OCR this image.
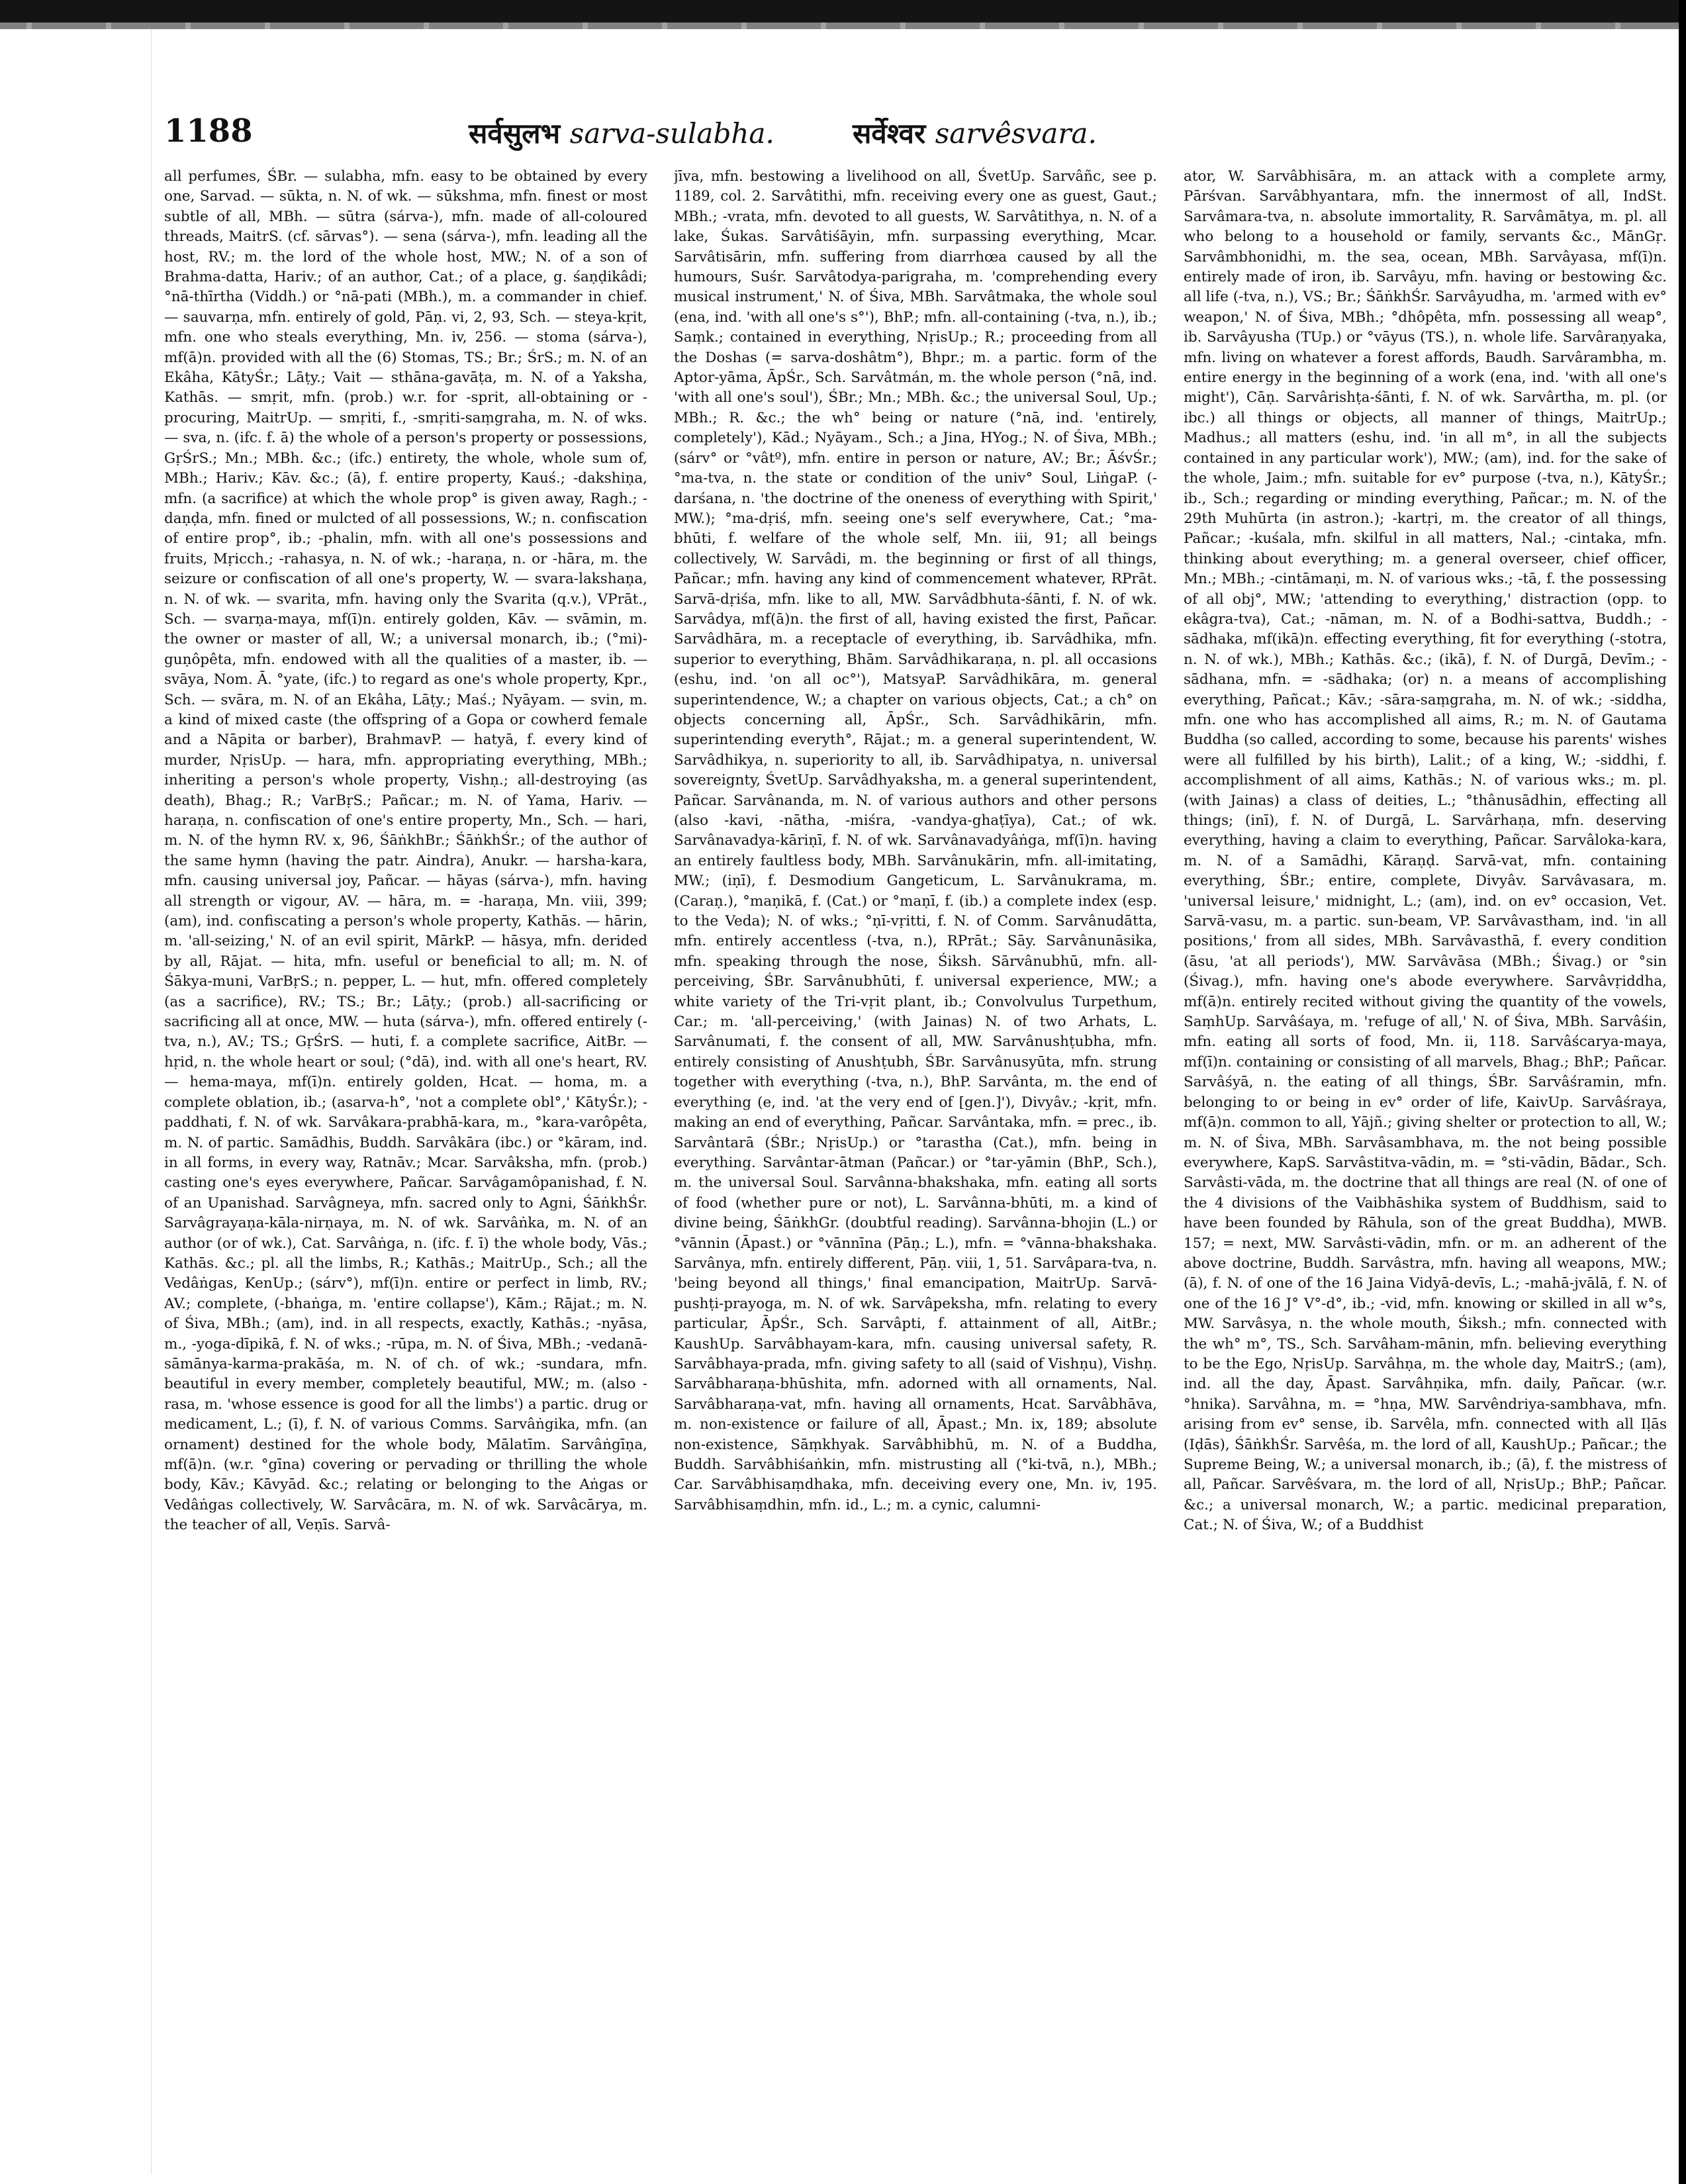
1188	सर्वसुलभ sarva-sulabha.	सर्वेश्वर sarvêsvara.

all perfumes, ŚBr. — sulabha, mfn. easy to be obtained by every one, Sarvad. — sūkta, n. N. of wk. — sūkshma, mfn. finest or most subtle of all, MBh. — sūtra (sárva-), mfn. made of all-coloured threads, MaitrS. (cf. sārvas°). — sena (sárva-), mfn. leading all the host, RV.; m. the lord of the whole host, MW.; N. of a son of Brahma-datta, Hariv.; of an author, Cat.; of a place, g. śaṇḍikâdi; °nā-thīrtha (Viddh.) or °nā-pati (MBh.), m. a commander in chief. — sauvarṇa, mfn. entirely of gold, Pāṇ. vi, 2, 93, Sch. — steya-kṛit, mfn. one who steals everything, Mn. iv, 256. — stoma (sárva-), mf(ā)n. provided with all the (6) Stomas, TS.; Br.; ŚrS.; m. N. of an Ekâha, KātyŚr.; Lāṭy.; Vait — sthāna-gavāṭa, m. N. of a Yaksha, Kathās. — smṛit, mfn. (prob.) w.r. for -sprit, all-obtaining or -procuring, MaitrUp. — smṛiti, f., -smṛiti-saṃgraha, m. N. of wks. — sva, n. (ifc. f. ā) the whole of a person's property or possessions, GṛŚrS.; Mn.; MBh. &c.; (ifc.) entirety, the whole, whole sum of, MBh.; Hariv.; Kāv. &c.; (ā), f. entire property, Kauś.; -dakshiṇa, mfn. (a sacrifice) at which the whole prop° is given away, Ragh.; -daṇḍa, mfn. fined or mulcted of all possessions, W.; n. confiscation of entire prop°, ib.; -phalin, mfn. with all one's possessions and fruits, Mṛicch.; -rahasya, n. N. of wk.; -haraṇa, n. or -hāra, m. the seizure or confiscation of all one's property, W. — svara-lakshaṇa, n. N. of wk. — svarita, mfn. having only the Svarita (q.v.), VPrāt., Sch. — svarṇa-maya, mf(ī)n. entirely golden, Kāv. — svāmin, m. the owner or master of all, W.; a universal monarch, ib.; (°mi)-guṇôpêta, mfn. endowed with all the qualities of a master, ib. — svāya, Nom. Ā. °yate, (ifc.) to regard as one's whole property, Kpr., Sch. — svāra, m. N. of an Ekâha, Lāṭy.; Maś.; Nyāyam. — svin, m. a kind of mixed caste (the offspring of a Gopa or cowherd female and a Nāpita or barber), BrahmavP. — hatyā, f. every kind of murder, NṛisUp. — hara, mfn. appropriating everything, MBh.; inheriting a person's whole property, Vishṇ.; all-destroying (as death), Bhag.; R.; VarBṛS.; Pañcar.; m. N. of Yama, Hariv. — haraṇa, n. confiscation of one's entire property, Mn., Sch. — hari, m. N. of the hymn RV. x, 96, ŚāṅkhBr.; ŚāṅkhŚr.; of the author of the same hymn (having the patr. Aindra), Anukr. — harsha-kara, mfn. causing universal joy, Pañcar. — hāyas (sárva-), mfn. having all strength or vigour, AV. — hāra, m. = -haraṇa, Mn. viii, 399; (am), ind. confiscating a person's whole property, Kathās. — hārin, m. 'all-seizing,' N. of an evil spirit, MārkP. — hāsya, mfn. derided by all, Rājat. — hita, mfn. useful or beneficial to all; m. N. of Śākya-muni, VarBṛS.; n. pepper, L. — hut, mfn. offered completely (as a sacrifice), RV.; TS.; Br.; Lāṭy.; (prob.) all-sacrificing or sacrificing all at once, MW. — huta (sárva-), mfn. offered entirely (-tva, n.), AV.; TS.; GṛŚrS. — huti, f. a complete sacrifice, AitBr. — hṛid, n. the whole heart or soul; (°dā), ind. with all one's heart, RV. — hema-maya, mf(ī)n. entirely golden, Hcat. — homa, m. a complete oblation, ib.; (asarva-h°, 'not a complete obl°,' KātyŚr.); -paddhati, f. N. of wk. Sarvâkara-prabhā-kara, m., °kara-varôpêta, m. N. of partic. Samādhis, Buddh. Sarvâkāra (ibc.) or °kāram, ind. in all forms, in every way, Ratnāv.; Mcar. Sarvâksha, mfn. (prob.) casting one's eyes everywhere, Pañcar. Sarvâgamôpanishad, f. N. of an Upanishad. Sarvâgneya, mfn. sacred only to Agni, ŚāṅkhŚr. Sarvâgrayaṇa-kāla-nirṇaya, m. N. of wk. Sarvâṅka, m. N. of an author (or of wk.), Cat. Sarvâṅga, n. (ifc. f. ī) the whole body, Vās.; Kathās. &c.; pl. all the limbs, R.; Kathās.; MaitrUp., Sch.; all the Vedâṅgas, KenUp.; (sárv°), mf(ī)n. entire or perfect in limb, RV.; AV.; complete, (-bhaṅga, m. 'entire collapse'), Kām.; Rājat.; m. N. of Śiva, MBh.; (am), ind. in all respects, exactly, Kathās.; -nyāsa, m., -yoga-dīpikā, f. N. of wks.; -rūpa, m. N. of Śiva, MBh.; -vedanā-sāmānya-karma-prakāśa, m. N. of ch. of wk.; -sundara, mfn. beautiful in every member, completely beautiful, MW.; m. (also -rasa, m. 'whose essence is good for all the limbs') a partic. drug or medicament, L.; (ī), f. N. of various Comms. Sarvâṅgika, mfn. (an ornament) destined for the whole body, Mālatīm. Sarvâṅgīṇa, mf(ā)n. (w.r. °gīna) covering or pervading or thrilling the whole body, Kāv.; Kāvyād. &c.; relating or belonging to the Aṅgas or Vedâṅgas collectively, W. Sarvâcāra, m. N. of wk. Sarvâcārya, m. the teacher of all, Veṇīs. Sarvâ-

jīva, mfn. bestowing a livelihood on all, ŚvetUp. Sarvâñc, see p. 1189, col. 2. Sarvâtithi, mfn. receiving every one as guest, Gaut.; MBh.; -vrata, mfn. devoted to all guests, W. Sarvâtithya, n. N. of a lake, Śukas. Sarvâtiśāyin, mfn. surpassing everything, Mcar. Sarvâtisārin, mfn. suffering from diarrhœa caused by all the humours, Suśr. Sarvâtodya-parigraha, m. 'comprehending every musical instrument,' N. of Śiva, MBh. Sarvâtmaka, the whole soul (ena, ind. 'with all one's s°'), BhP.; mfn. all-containing (-tva, n.), ib.; Saṃk.; contained in everything, NṛisUp.; R.; proceeding from all the Doshas (= sarva-doshâtm°), Bhpr.; m. a partic. form of the Aptor-yāma, ĀpŚr., Sch. Sarvâtmán, m. the whole person (°nā, ind. 'with all one's soul'), ŚBr.; Mn.; MBh. &c.; the universal Soul, Up.; MBh.; R. &c.; the wh° being or nature (°nā, ind. 'entirely, completely'), Kād.; Nyāyam., Sch.; a Jina, HYog.; N. of Śiva, MBh.; (sárv° or °vâtº), mfn. entire in person or nature, AV.; Br.; ĀśvŚr.; °ma-tva, n. the state or condition of the univ° Soul, LiṅgaP. (-darśana, n. 'the doctrine of the oneness of everything with Spirit,' MW.); °ma-dṛiś, mfn. seeing one's self everywhere, Cat.; °ma-bhūti, f. welfare of the whole self, Mn. iii, 91; all beings collectively, W. Sarvâdi, m. the beginning or first of all things, Pañcar.; mfn. having any kind of commencement whatever, RPrāt. Sarvā-dṛiśa, mfn. like to all, MW. Sarvâdbhuta-śānti, f. N. of wk. Sarvâdya, mf(ā)n. the first of all, having existed the first, Pañcar. Sarvâdhāra, m. a receptacle of everything, ib. Sarvâdhika, mfn. superior to everything, Bhām. Sarvâdhikaraṇa, n. pl. all occasions (eshu, ind. 'on all oc°'), MatsyaP. Sarvâdhikāra, m. general superintendence, W.; a chapter on various objects, Cat.; a ch° on objects concerning all, ĀpŚr., Sch. Sarvâdhikārin, mfn. superintending everyth°, Rājat.; m. a general superintendent, W. Sarvâdhikya, n. superiority to all, ib. Sarvâdhipatya, n. universal sovereignty, ŚvetUp. Sarvâdhyaksha, m. a general superintendent, Pañcar. Sarvânanda, m. N. of various authors and other persons (also -kavi, -nātha, -miśra, -vandya-ghaṭīya), Cat.; of wk. Sarvânavadya-kāriṇī, f. N. of wk. Sarvânavadyâṅga, mf(ī)n. having an entirely faultless body, MBh. Sarvânukārin, mfn. all-imitating, MW.; (iṇī), f. Desmodium Gangeticum, L. Sarvânukrama, m. (Caraṇ.), °maṇikā, f. (Cat.) or °maṇī, f. (ib.) a complete index (esp. to the Veda); N. of wks.; °ṇī-vṛitti, f. N. of Comm. Sarvânudātta, mfn. entirely accentless (-tva, n.), RPrāt.; Sāy. Sarvânunāsika, mfn. speaking through the nose, Śiksh. Sārvânubhū, mfn. all-perceiving, ŚBr. Sarvânubhūti, f. universal experience, MW.; a white variety of the Tri-vṛit plant, ib.; Convolvulus Turpethum, Car.; m. 'all-perceiving,' (with Jainas) N. of two Arhats, L. Sarvânumati, f. the consent of all, MW. Sarvânushṭubha, mfn. entirely consisting of Anushṭubh, ŚBr. Sarvânusyūta, mfn. strung together with everything (-tva, n.), BhP. Sarvânta, m. the end of everything (e, ind. 'at the very end of [gen.]'), Divyâv.; -kṛit, mfn. making an end of everything, Pañcar. Sarvântaka, mfn. = prec., ib. Sarvântarā (ŚBr.; NṛisUp.) or °tarastha (Cat.), mfn. being in everything. Sarvântar-ātman (Pañcar.) or °tar-yāmin (BhP., Sch.), m. the universal Soul. Sarvânna-bhakshaka, mfn. eating all sorts of food (whether pure or not), L. Sarvânna-bhūti, m. a kind of divine being, ŚāṅkhGr. (doubtful reading). Sarvânna-bhojin (L.) or °vānnin (Āpast.) or °vānnīna (Pāṇ.; L.), mfn. = °vānna-bhakshaka. Sarvânya, mfn. entirely different, Pāṇ. viii, 1, 51. Sarvâpara-tva, n. 'being beyond all things,' final emancipation, MaitrUp. Sarvā-pushṭi-prayoga, m. N. of wk. Sarvâpeksha, mfn. relating to every particular, ĀpŚr., Sch. Sarvâpti, f. attainment of all, AitBr.; KaushUp. Sarvâbhayam-kara, mfn. causing universal safety, R. Sarvâbhaya-prada, mfn. giving safety to all (said of Vishṇu), Vishṇ. Sarvâbharaṇa-bhūshita, mfn. adorned with all ornaments, Nal. Sarvâbharaṇa-vat, mfn. having all ornaments, Hcat. Sarvâbhāva, m. non-existence or failure of all, Āpast.; Mn. ix, 189; absolute non-existence, Sāṃkhyak. Sarvâbhibhū, m. N. of a Buddha, Buddh. Sarvâbhiśaṅkin, mfn. mistrusting all (°ki-tvā, n.), MBh.; Car. Sarvâbhisaṃdhaka, mfn. deceiving every one, Mn. iv, 195. Sarvâbhisaṃdhin, mfn. id., L.; m. a cynic, calumni-

ator, W. Sarvâbhisāra, m. an attack with a complete army, Pārśvan. Sarvâbhyantara, mfn. the innermost of all, IndSt. Sarvâmara-tva, n. absolute immortality, R. Sarvâmātya, m. pl. all who belong to a household or family, servants &c., MānGṛ. Sarvâmbhonidhi, m. the sea, ocean, MBh. Sarvâyasa, mf(ī)n. entirely made of iron, ib. Sarvâyu, mfn. having or bestowing &c. all life (-tva, n.), VS.; Br.; ŚāṅkhŚr. Sarvâyudha, m. 'armed with ev° weapon,' N. of Śiva, MBh.; °dhôpêta, mfn. possessing all weap°, ib. Sarvâyusha (TUp.) or °vāyus (TS.), n. whole life. Sarvâraṇyaka, mfn. living on whatever a forest affords, Baudh. Sarvârambha, m. entire energy in the beginning of a work (ena, ind. 'with all one's might'), Cāṇ. Sarvârishṭa-śānti, f. N. of wk. Sarvârtha, m. pl. (or ibc.) all things or objects, all manner of things, MaitrUp.; Madhus.; all matters (eshu, ind. 'in all m°, in all the subjects contained in any particular work'), MW.; (am), ind. for the sake of the whole, Jaim.; mfn. suitable for ev° purpose (-tva, n.), KātyŚr.; ib., Sch.; regarding or minding everything, Pañcar.; m. N. of the 29th Muhūrta (in astron.); -kartṛi, m. the creator of all things, Pañcar.; -kuśala, mfn. skilful in all matters, Nal.; -cintaka, mfn. thinking about everything; m. a general overseer, chief officer, Mn.; MBh.; -cintāmaṇi, m. N. of various wks.; -tā, f. the possessing of all obj°, MW.; 'attending to everything,' distraction (opp. to ekâgra-tva), Cat.; -nāman, m. N. of a Bodhi-sattva, Buddh.; -sādhaka, mf(ikā)n. effecting everything, fit for everything (-stotra, n. N. of wk.), MBh.; Kathās. &c.; (ikā), f. N. of Durgā, Devīm.; -sādhana, mfn. = -sādhaka; (or) n. a means of accomplishing everything, Pañcat.; Kāv.; -sāra-saṃgraha, m. N. of wk.; -siddha, mfn. one who has accomplished all aims, R.; m. N. of Gautama Buddha (so called, according to some, because his parents' wishes were all fulfilled by his birth), Lalit.; of a king, W.; -siddhi, f. accomplishment of all aims, Kathās.; N. of various wks.; m. pl. (with Jainas) a class of deities, L.; °thânusādhin, effecting all things; (inī), f. N. of Durgā, L. Sarvârhaṇa, mfn. deserving everything, having a claim to everything, Pañcar. Sarvâloka-kara, m. N. of a Samādhi, Kāraṇḍ. Sarvā-vat, mfn. containing everything, ŚBr.; entire, complete, Divyâv. Sarvâvasara, m. 'universal leisure,' midnight, L.; (am), ind. on ev° occasion, Vet. Sarvā-vasu, m. a partic. sun-beam, VP. Sarvâvastham, ind. 'in all positions,' from all sides, MBh. Sarvâvasthā, f. every condition (āsu, 'at all periods'), MW. Sarvâvāsa (MBh.; Śivag.) or °sin (Śivag.), mfn. having one's abode everywhere. Sarvâvṛiddha, mf(ā)n. entirely recited without giving the quantity of the vowels, SaṃhUp. Sarvâśaya, m. 'refuge of all,' N. of Śiva, MBh. Sarvâśin, mfn. eating all sorts of food, Mn. ii, 118. Sarvâścarya-maya, mf(ī)n. containing or consisting of all marvels, Bhag.; BhP.; Pañcar. Sarvâśyā, n. the eating of all things, ŚBr. Sarvâśramin, mfn. belonging to or being in ev° order of life, KaivUp. Sarvâśraya, mf(ā)n. common to all, Yājñ.; giving shelter or protection to all, W.; m. N. of Śiva, MBh. Sarvâsambhava, m. the not being possible everywhere, KapS. Sarvâstitva-vādin, m. = °sti-vādin, Bādar., Sch. Sarvâsti-vāda, m. the doctrine that all things are real (N. of one of the 4 divisions of the Vaibhāshika system of Buddhism, said to have been founded by Rāhula, son of the great Buddha), MWB. 157; = next, MW. Sarvâsti-vādin, mfn. or m. an adherent of the above doctrine, Buddh. Sarvâstra, mfn. having all weapons, MW.; (ā), f. N. of one of the 16 Jaina Vidyā-devīs, L.; -mahā-jvālā, f. N. of one of the 16 J° V°-d°, ib.; -vid, mfn. knowing or skilled in all w°s, MW. Sarvâsya, n. the whole mouth, Śiksh.; mfn. connected with the wh° m°, TS., Sch. Sarvâham-mānin, mfn. believing everything to be the Ego, NṛisUp. Sarvâhṇa, m. the whole day, MaitrS.; (am), ind. all the day, Āpast. Sarvâhṇika, mfn. daily, Pañcar. (w.r. °hnika). Sarvâhna, m. = °hṇa, MW. Sarvêndriya-sambhava, mfn. arising from ev° sense, ib. Sarvêla, mfn. connected with all Iḷās (Iḍās), ŚāṅkhŚr. Sarvêśa, m. the lord of all, KaushUp.; Pañcar.; the Supreme Being, W.; a universal monarch, ib.; (ā), f. the mistress of all, Pañcar. Sarvêśvara, m. the lord of all, NṛisUp.; BhP.; Pañcar. &c.; a universal monarch, W.; a partic. medicinal preparation, Cat.; N. of Śiva, W.; of a Buddhist
